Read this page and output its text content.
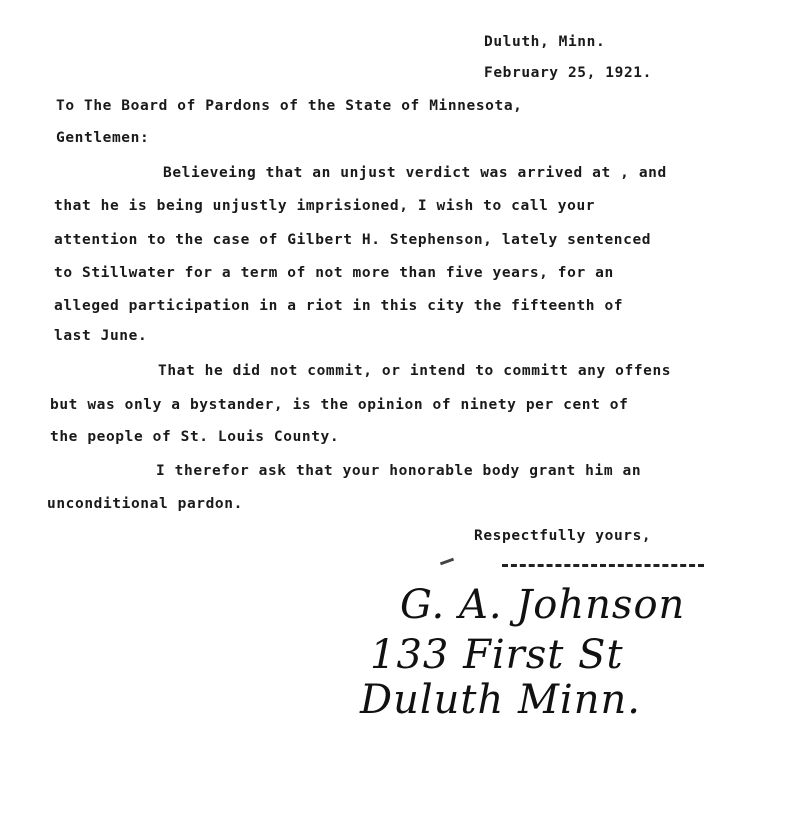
Duluth, Minn.
February 25, 1921.
To The Board of Pardons of the State of Minnesota,
Gentlemen:
Believeing that an unjust verdict was arrived at , and
that he is being unjustly imprisioned, I wish to call your
attention to the case of Gilbert H. Stephenson, lately sentenced
to Stillwater for a term of not more than five years, for an
alleged participation in a riot in this city the fifteenth of
last June.
That he did not commit, or intend to committ any offens
but was only a bystander, is the opinion of ninety per cent of
the people of St. Louis County.
I therefor ask that your honorable body grant him an
unconditional pardon.
Respectfully yours,
G. A. Johnson
133 First St
Duluth Minn.
